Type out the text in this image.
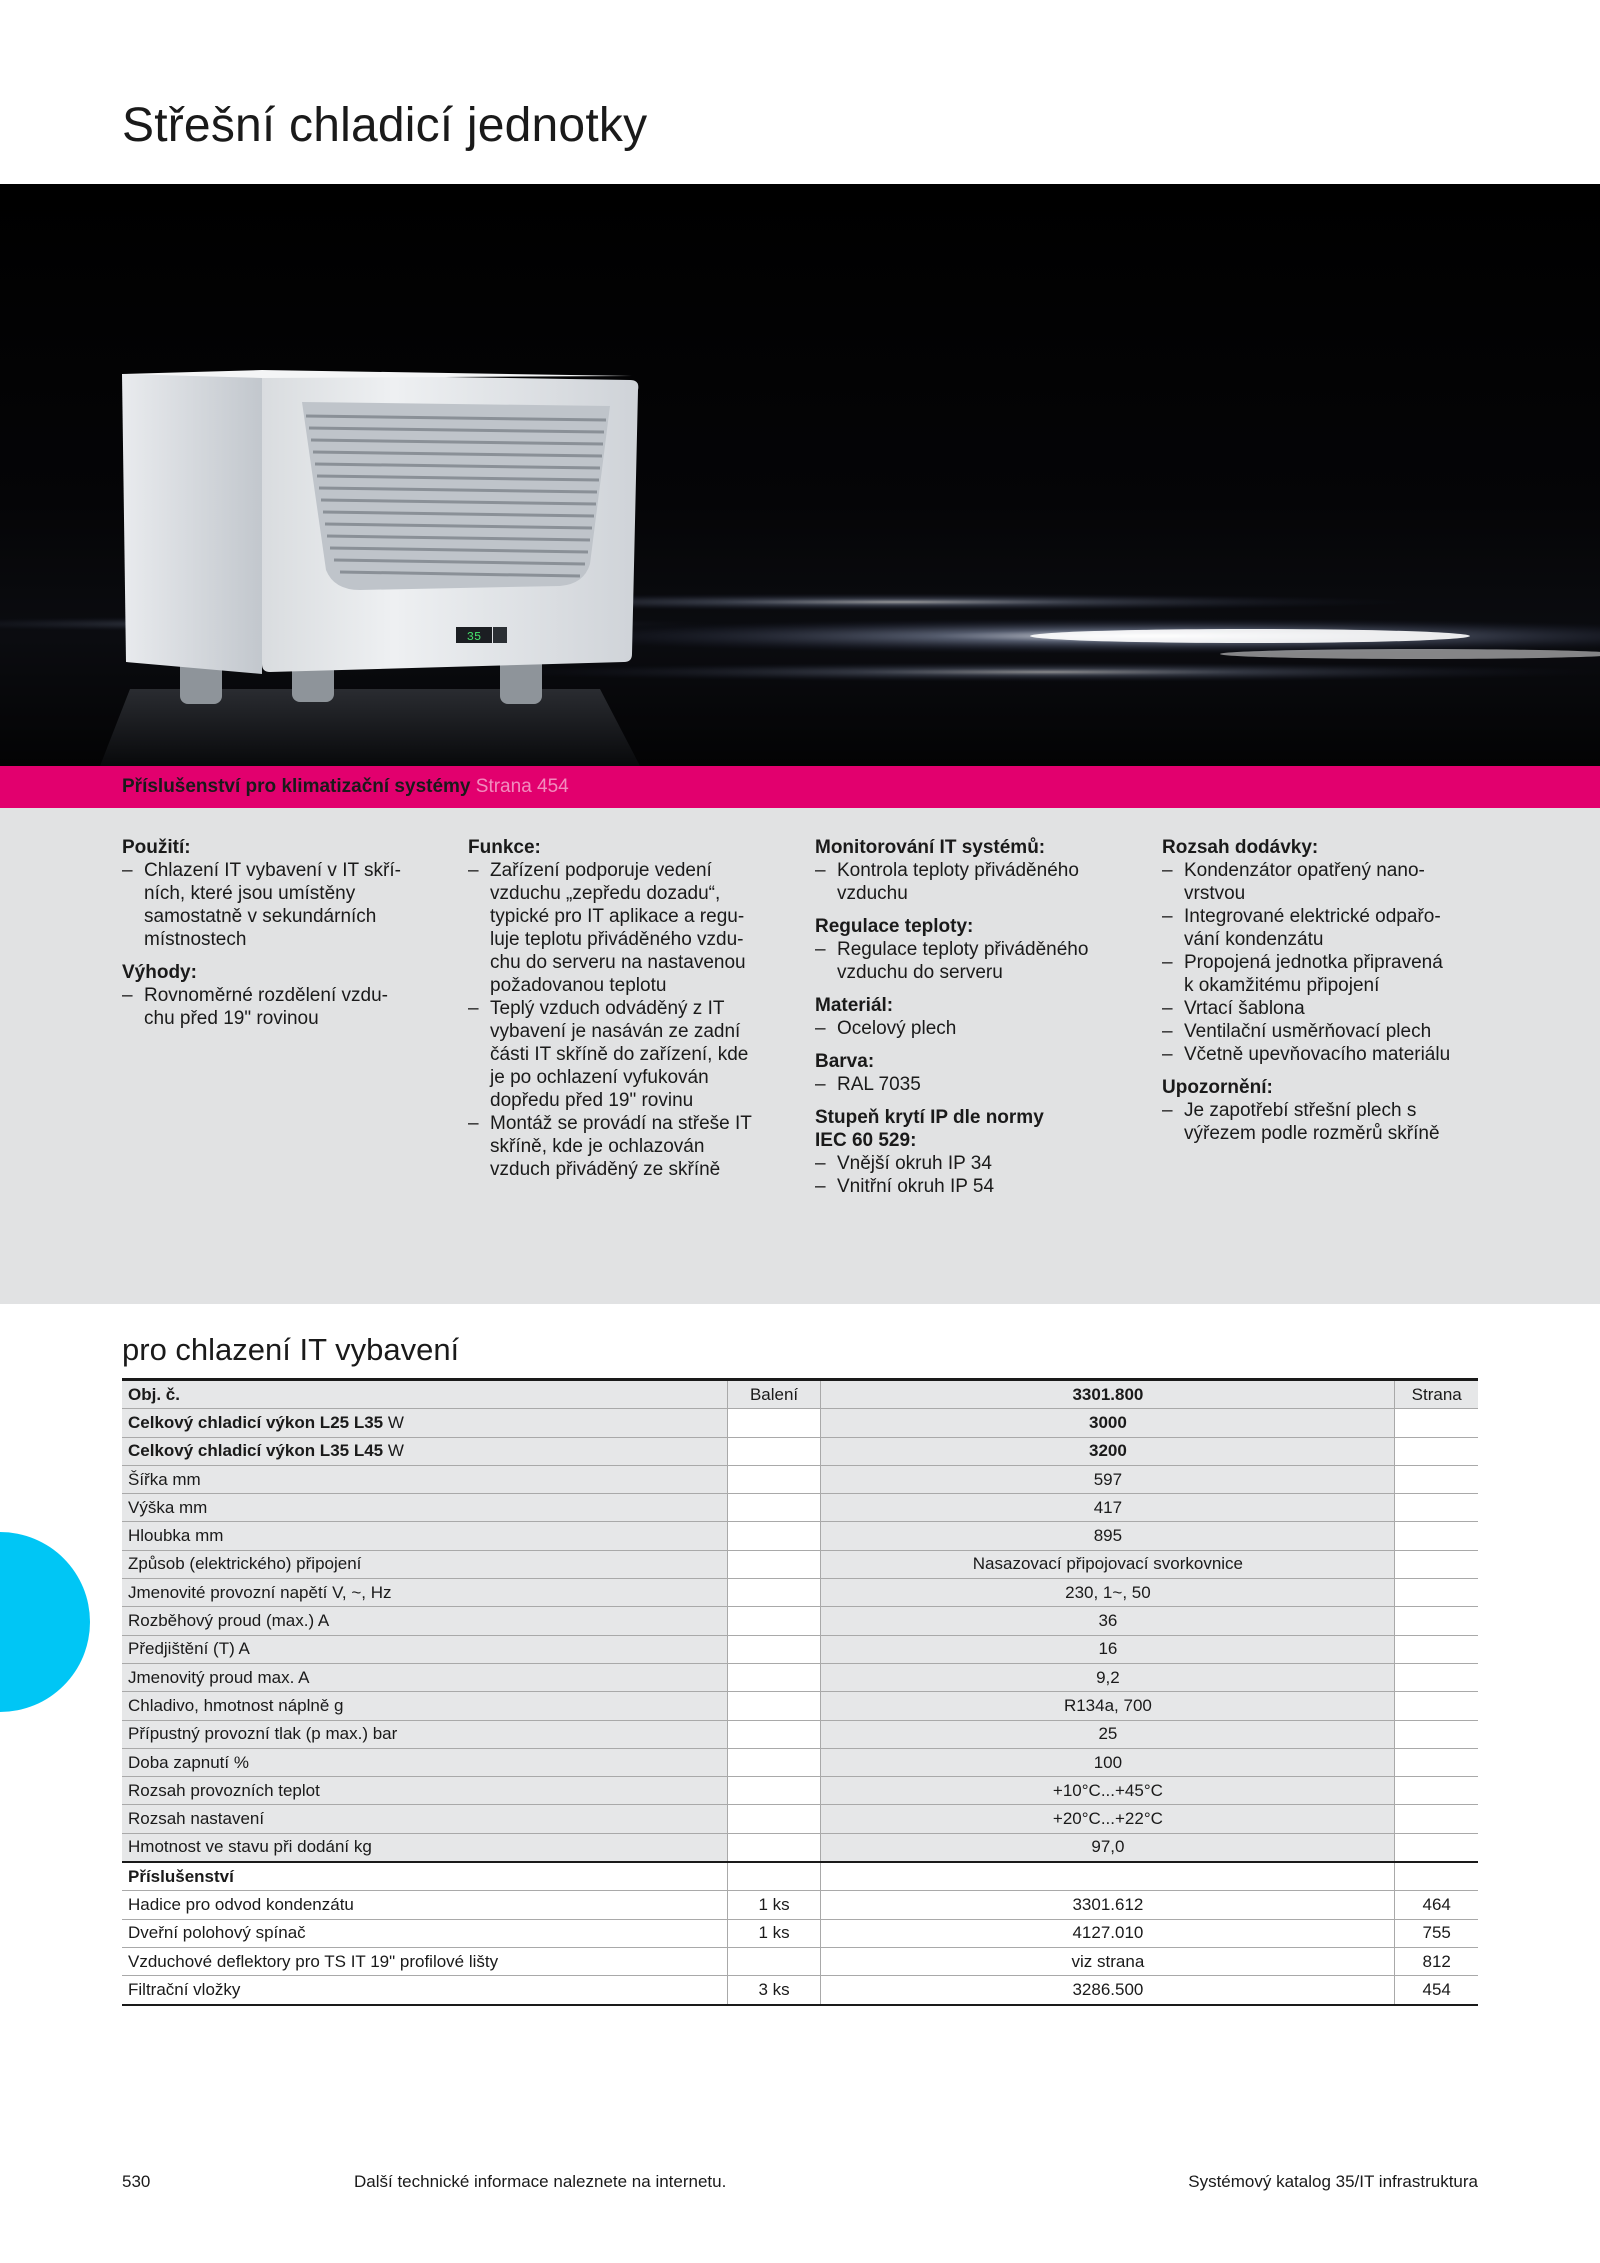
Střešní chladicí jednotky
35
Příslušenství pro klimatizační systémy Strana 454
Použití:
– Chlazení IT vybavení v IT skří-
ních, které jsou umístěny
samostatně v sekundárních
místnostech
Výhody:
– Rovnoměrné rozdělení vzdu-
chu před 19" rovinou
Funkce:
– Zařízení podporuje vedení
vzduchu „zepředu dozadu“,
typické pro IT aplikace a regu-
luje teplotu přiváděného vzdu-
chu do serveru na nastavenou
požadovanou teplotu
– Teplý vzduch odváděný z IT
vybavení je nasáván ze zadní
části IT skříně do zařízení, kde
je po ochlazení vyfukován
dopředu před 19" rovinu
– Montáž se provádí na střeše IT
skříně, kde je ochlazován
vzduch přiváděný ze skříně
Monitorování IT systémů:
– Kontrola teploty přiváděného
vzduchu
Regulace teploty:
– Regulace teploty přiváděného
vzduchu do serveru
Materiál:
– Ocelový plech
Barva:
– RAL 7035
Stupeň krytí IP dle normy
IEC 60 529:
– Vnější okruh IP 34
– Vnitřní okruh IP 54
Rozsah dodávky:
– Kondenzátor opatřený nano-
vrstvou
– Integrované elektrické odpařo-
vání kondenzátu
– Propojená jednotka připravená
k okamžitému připojení
– Vrtací šablona
– Ventilační usměrňovací plech
– Včetně upevňovacího materiálu
Upozornění:
– Je zapotřebí střešní plech s
výřezem podle rozměrů skříně
pro chlazení IT vybavení
Obj. č.	Balení	3301.800	Strana
Celkový chladicí výkon L25 L35 W		3000	
Celkový chladicí výkon L35 L45 W		3200	
Šířka mm		597	
Výška mm		417	
Hloubka mm		895	
Způsob (elektrického) připojení		Nasazovací připojovací svorkovnice	
Jmenovité provozní napětí V, ~, Hz		230, 1~, 50	
Rozběhový proud (max.) A		36	
Předjištění (T) A		16	
Jmenovitý proud max. A		9,2	
Chladivo, hmotnost náplně g		R134a, 700	
Přípustný provozní tlak (p max.) bar		25	
Doba zapnutí %		100	
Rozsah provozních teplot		+10°C...+45°C	
Rozsah nastavení		+20°C...+22°C	
Hmotnost ve stavu při dodání kg		97,0	
Příslušenství			
Hadice pro odvod kondenzátu	1 ks	3301.612	464
Dveřní polohový spínač	1 ks	4127.010	755
Vzduchové deflektory pro TS IT 19" profilové lišty		viz strana	812
Filtrační vložky	3 ks	3286.500	454
530	Další technické informace naleznete na internetu.	Systémový katalog 35/IT infrastruktura
